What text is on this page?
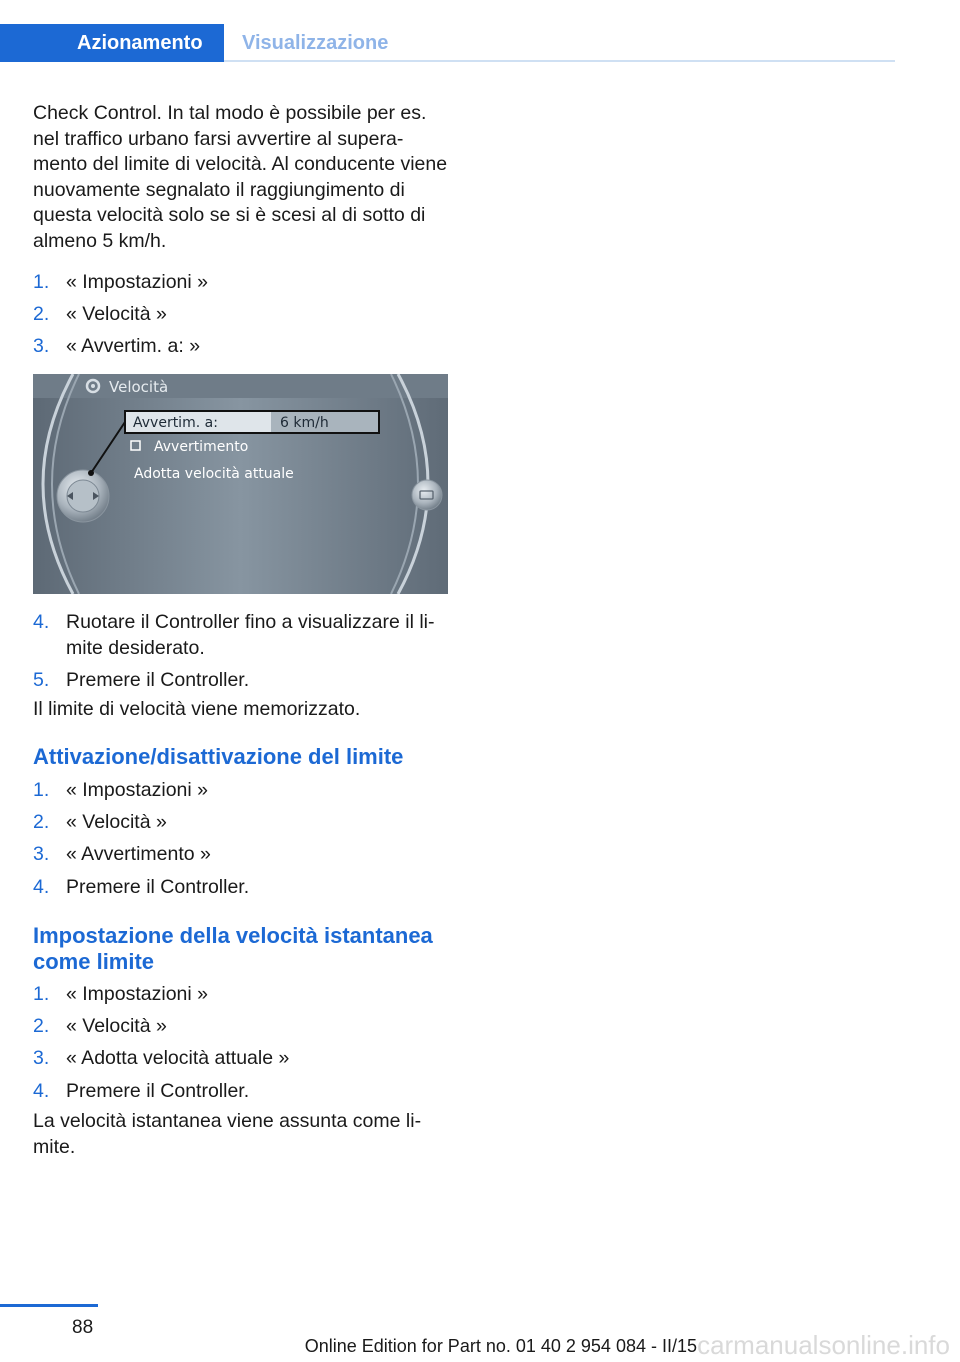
Azionamento	Visualizzazione

Check Control. In tal modo è possibile per es. nel traffico urbano farsi avvertire al superamento del limite di velocità. Al conducente viene nuovamente segnalato il raggiungimento di questa velocità solo se si è scesi al di sotto di almeno 5 km/h.

1. « Impostazioni »
2. « Velocità »
3. « Avvertim. a: »
Velocità
Avvertim. a:	6 km/h
Avvertimento
Adotta velocità attuale
4. Ruotare il Controller fino a visualizzare il limite desiderato.
5. Premere il Controller.

Il limite di velocità viene memorizzato.

Attivazione/disattivazione del limite
1. « Impostazioni »
2. « Velocità »
3. « Avvertimento »
4. Premere il Controller.
Impostazione della velocità istantanea come limite
1. « Impostazioni »
2. « Velocità »
3. « Adotta velocità attuale »
4. Premere il Controller.

La velocità istantanea viene assunta come limite.

88
carmanualsonline.info
Online Edition for Part no. 01 40 2 954 084 - II/15
